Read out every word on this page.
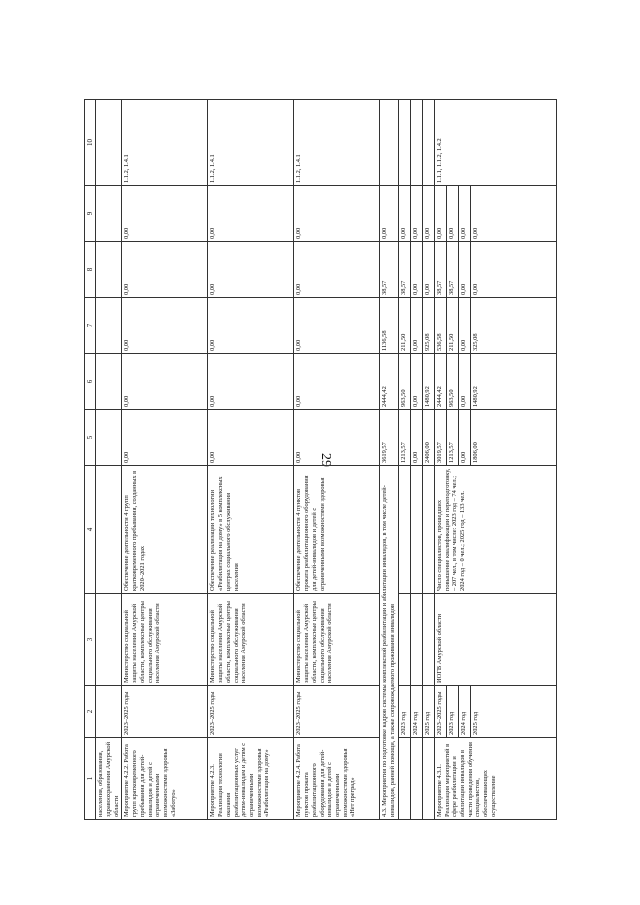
29
1	2	3	4	5	6	7	8	9	10
населения, образования, здравоохранения Амурской области									
Мероприятие 4.2.2. Работа групп кратковременного пребывания для детей-инвалидов и детей с ограниченными возможностями здоровья «Заботуо»	2023–2025 годы	Министерство социальной защиты населения Амурской области, комплексные центры социального обслуживания населения Амурской области	Обеспечение деятельности 4 групп кратковременного пребывания, созданных в 2020–2021 годах	0,00	0,00	0,00	0,00	0,00	1.1.2, 1.4.1
Мероприятие 4.2.3. Реализация технологии оказания реабилитационных услуг детям-инвалидам и детям с ограниченными возможностями здоровья «Реабилитация на дому»	2023–2025 годы	Министерство социальной защиты населения Амурской области, комплексные центры социального обслуживания населения Амурской области	Обеспечение реализации технологии «Реабилитация на дому» в 5 комплексных центрах социального обслуживания населения	0,00	0,00	0,00	0,00	0,00	1.1.2, 1.4.1
Мероприятие 4.2.4. Работа пунктов проката реабилитационного оборудования для детей-инвалидов и детей с ограниченными возможностями здоровья «Нет преград»	2023–2025 годы	Министерство социальной защиты населения Амурской области, комплексные центры социального обслуживания населения Амурской области	Обеспечение деятельности 4 пунктов проката реабилитационного оборудования для детей-инвалидов и детей с ограниченными возможностями здоровья	0,00	0,00	0,00	0,00	0,00	1.1.2, 1.4.1
4.3. Мероприятия по подготовке кадров системы комплексной реабилитации и абилитации инвалидов, в том числе детей-инвалидов, ранней помощи, а также сопровождаемого проживания инвалидов				3619,57	2444,42	1136,58	38,57	0,00	
	2023 год			1213,57	963,50	211,50	38,57	0,00	
	2024 год			0,00	0,00	0,00	0,00	0,00	
	2025 год			2406,00	1480,92	925,08	0,00	0,00	
Мероприятие 4.3.1. Реализация мероприятий в сфере реабилитации и абилитации инвалидов в части проведения обучения специалистов, обеспечивающих осуществление	2023–2025 годы	ИОГВ Амурской области	Число специалистов, прошедших повышение квалификации и переподготовку, – 207 чел., в том числе: 2023 год – 74 чел.; 2024 год – 0 чел.; 2025 год – 133 чел.	3019,57	2444,42	536,58	38,57	0,00	1.1.1, 1.1.2, 1.4.2
	2023 год			1213,57	963,50	211,50	38,57	0,00	
	2024 год			0,00	0,00	0,00	0,00	0,00	
	2025 год			1806,00	1480,92	325,08	0,00	0,00	
